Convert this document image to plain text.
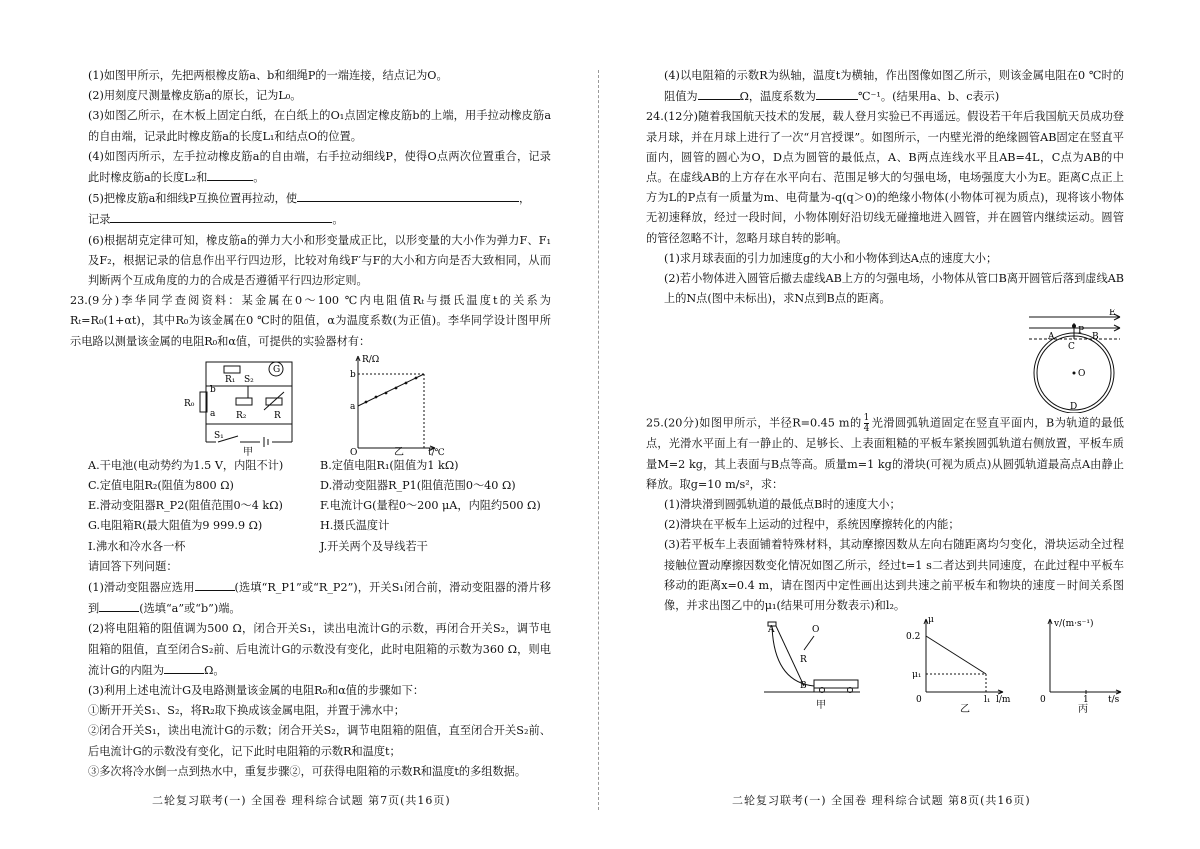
(1)如图甲所示，先把两根橡皮筋a、b和细绳P的一端连接，结点记为O。

(2)用刻度尺测量橡皮筋a的原长，记为L₀。

(3)如图乙所示，在木板上固定白纸，在白纸上的O₁点固定橡皮筋b的上端，用手拉动橡皮筋a的自由端，记录此时橡皮筋a的长度L₁和结点O的位置。

(4)如图丙所示，左手拉动橡皮筋a的自由端，右手拉动细线P，使得O点两次位置重合，记录此时橡皮筋a的长度L₂和	。

(5)把橡皮筋a和细线P互换位置再拉动，使	，

记录	。

(6)根据胡克定律可知，橡皮筋a的弹力大小和形变量成正比，以形变量的大小作为弹力F、F₁及F₂，根据记录的信息作出平行四边形，比较对角线F′与F的大小和方向是否大致相同，从而判断两个互成角度的力的合成是否遵循平行四边形定则。

23.(9分)李华同学查阅资料：某金属在0～100 ℃内电阻值Rₜ与摄氏温度t的关系为Rₜ=R₀(1+αt)，其中R₀为该金属在0 ℃时的阻值，α为温度系数(为正值)。李华同学设计图甲所示电路以测量该金属的电阻R₀和α值，可提供的实验器材有：

G
R₁ S₂
b
a
R₀
R₂	R
S₁
甲
R/Ω
b
a
O	t/℃
乙
A.干电池(电动势约为1.5 V，内阻不计)	B.定值电阻R₁(阻值为1 kΩ)
C.定值电阻R₂(阻值为800 Ω)	D.滑动变阻器R_P1(阻值范围0～40 Ω)
E.滑动变阻器R_P2(阻值范围0～4 kΩ)	F.电流计G(量程0～200 μA，内阻约500 Ω)
G.电阻箱R(最大阻值为9 999.9 Ω)	H.摄氏温度计
I.沸水和冷水各一杯	J.开关两个及导线若干

请回答下列问题：

(1)滑动变阻器应选用	(选填“R_P1”或“R_P2”)，开关S₁闭合前，滑动变阻器的滑片移到	(选填“a”或“b”)端。

(2)将电阻箱的阻值调为500 Ω，闭合开关S₁，读出电流计G的示数，再闭合开关S₂，调节电阻箱的阻值，直至闭合S₂前、后电流计G的示数没有变化，此时电阻箱的示数为360 Ω，则电流计G的内阻为	Ω。

(3)利用上述电流计G及电路测量该金属的电阻R₀和α值的步骤如下：

①断开开关S₁、S₂，将R₂取下换成该金属电阻，并置于沸水中；

②闭合开关S₁，读出电流计G的示数；闭合开关S₂，调节电阻箱的阻值，直至闭合开关S₂前、后电流计G的示数没有变化，记下此时电阻箱的示数R和温度t；

③多次将冷水倒一点到热水中，重复步骤②，可获得电阻箱的示数R和温度t的多组数据。

二轮复习联考(一) 全国卷 理科综合试题 第7页(共16页)

(4)以电阻箱的示数R为纵轴，温度t为横轴，作出图像如图乙所示，则该金属电阻在0 ℃时的阻值为	Ω，温度系数为	℃⁻¹。(结果用a、b、c表示)

24.(12分)随着我国航天技术的发展，载人登月实验已不再遥远。假设若干年后我国航天员成功登录月球，并在月球上进行了一次“月宫授课”。如图所示，一内壁光滑的绝缘圆管AB固定在竖直平面内，圆管的圆心为O，D点为圆管的最低点，A、B两点连线水平且AB=4L，C点为AB的中点。在虚线AB的上方存在水平向右、范围足够大的匀强电场，电场强度大小为E。距离C点正上方为L的P点有一质量为m、电荷量为-q(q＞0)的绝缘小物体(小物体可视为质点)，现将该小物体无初速释放，经过一段时间，小物体刚好沿切线无碰撞地进入圆管，并在圆管内继续运动。圆管的管径忽略不计，忽略月球自转的影响。

(1)求月球表面的引力加速度g的大小和小物体到达A点的速度大小；

(2)若小物体进入圆管后撤去虚线AB上方的匀强电场，小物体从管口B离开圆管后落到虚线AB上的N点(图中未标出)，求N点到B点的距离。

E
P
A
C
B
O
D

25.(20分)如图甲所示，半径R=0.45 m的 $\frac{1}{4}$ 光滑圆弧轨道固定在竖直平面内，B为轨道的最低点，光滑水平面上有一静止的、足够长、上表面粗糙的平板车紧挨圆弧轨道右侧放置，平板车质量M=2 kg，其上表面与B点等高。质量m=1 kg的滑块(可视为质点)从圆弧轨道最高点A由静止释放。取g=10 m/s²，求：

(1)滑块滑到圆弧轨道的最低点B时的速度大小；

(2)滑块在平板车上运动的过程中，系统因摩擦转化的内能；

(3)若平板车上表面铺着特殊材料，其动摩擦因数从左向右随距离均匀变化，滑块运动全过程接触位置动摩擦因数变化情况如图乙所示，经过t=1 s二者达到共同速度，在此过程中平板车移动的距离x=0.4 m，请在图丙中定性画出达到共速之前平板车和物块的速度－时间关系图像，并求出图乙中的μ₁(结果可用分数表示)和l₂。

A	O
R
B
甲
μ
0.2
μ₁
0	l₁ l/m
乙
v/(m·s⁻¹)
0	1 t/s
丙
二轮复习联考(一) 全国卷 理科综合试题 第8页(共16页)
